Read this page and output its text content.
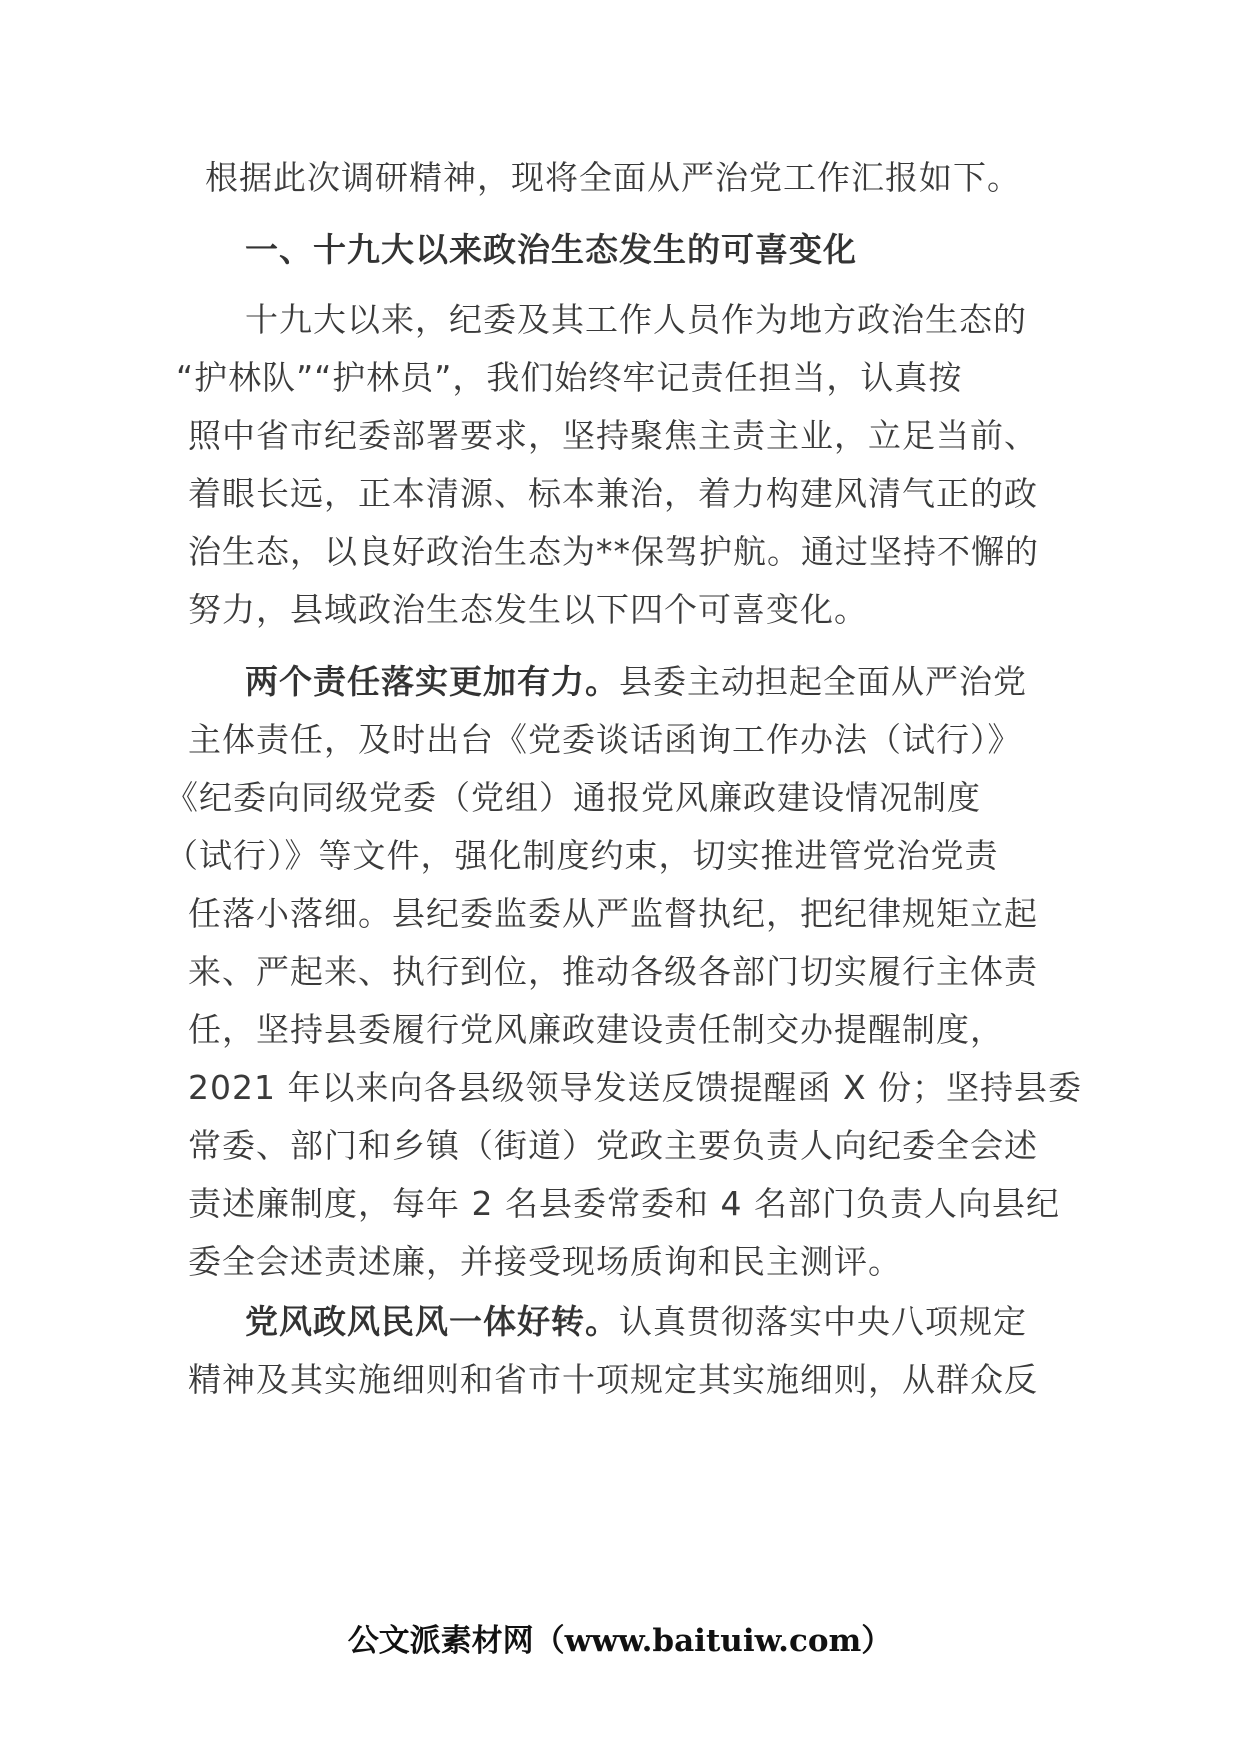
根据此次调研精神，现将全面从严治党工作汇报如下。
一、十九大以来政治生态发生的可喜变化
十九大以来，纪委及其工作人员作为地方政治生态的
“护林队”“护林员”，我们始终牢记责任担当，认真按
照中省市纪委部署要求，坚持聚焦主责主业，立足当前、
着眼长远，正本清源、标本兼治，着力构建风清气正的政
治生态，以良好政治生态为**保驾护航。通过坚持不懈的
努力，县域政治生态发生以下四个可喜变化。
两个责任落实更加有力。县委主动担起全面从严治党
主体责任，及时出台《党委谈话函询工作办法（试行）》
《纪委向同级党委（党组）通报党风廉政建设情况制度
（试行）》等文件，强化制度约束，切实推进管党治党责
任落小落细。县纪委监委从严监督执纪，把纪律规矩立起
来、严起来、执行到位，推动各级各部门切实履行主体责
任，坚持县委履行党风廉政建设责任制交办提醒制度，
2021 年以来向各县级领导发送反馈提醒函 X 份；坚持县委
常委、部门和乡镇（街道）党政主要负责人向纪委全会述
责述廉制度，每年 2 名县委常委和 4 名部门负责人向县纪
委全会述责述廉，并接受现场质询和民主测评。
党风政风民风一体好转。认真贯彻落实中央八项规定
精神及其实施细则和省市十项规定其实施细则，从群众反
公文派素材网（www.baituiw.com）
